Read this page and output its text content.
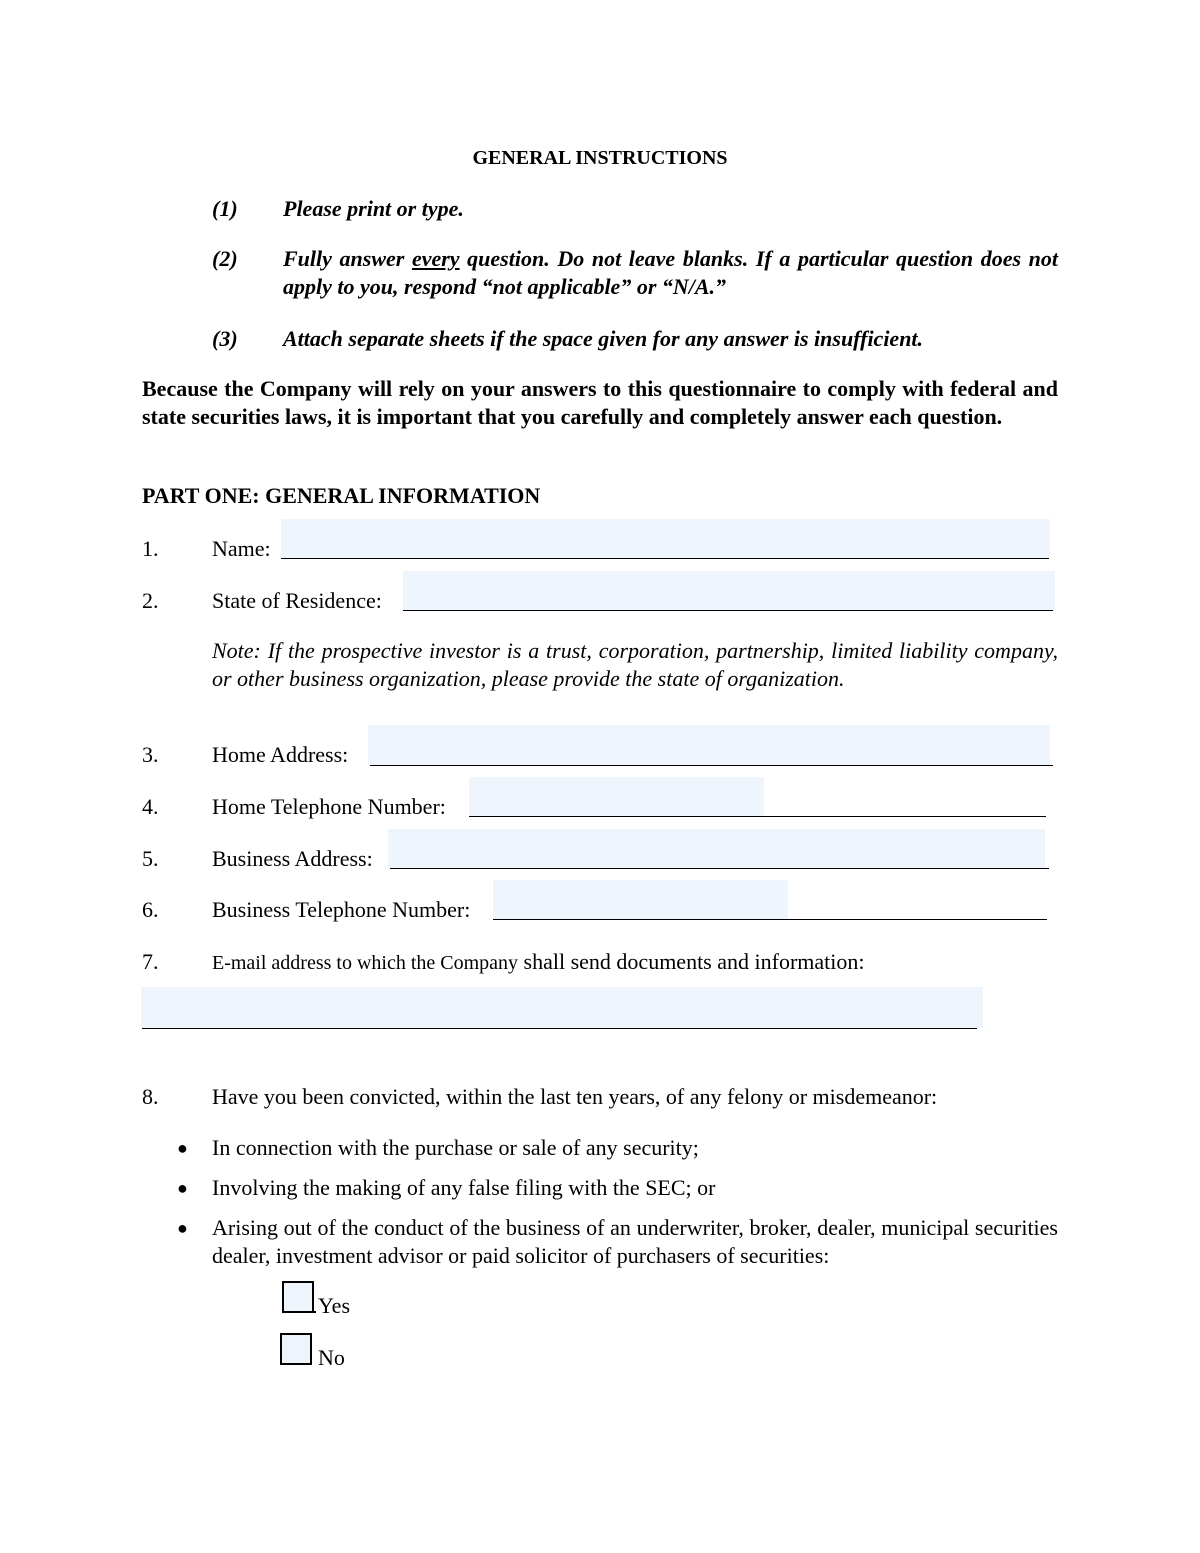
GENERAL INSTRUCTIONS
(1) Please print or type.
(2) Fully answer every question. Do not leave blanks. If a particular question does not apply to you, respond “not applicable” or “N/A.”
(3) Attach separate sheets if the space given for any answer is insufficient.
Because the Company will rely on your answers to this questionnaire to comply with federal and state securities laws, it is important that you carefully and completely answer each question.
PART ONE: GENERAL INFORMATION
1. Name:
2. State of Residence:
Note: If the prospective investor is a trust, corporation, partnership, limited liability company, or other business organization, please provide the state of organization.
3. Home Address:
4. Home Telephone Number:
5. Business Address:
6. Business Telephone Number:
7.	E-mail address to which the Company shall send documents and information:
8. Have you been convicted, within the last ten years, of any felony or misdemeanor:
● In connection with the purchase or sale of any security;
● Involving the making of any false filing with the SEC; or
● Arising out of the conduct of the business of an underwriter, broker, dealer, municipal securities dealer, investment advisor or paid solicitor of purchasers of securities:
Yes
No
